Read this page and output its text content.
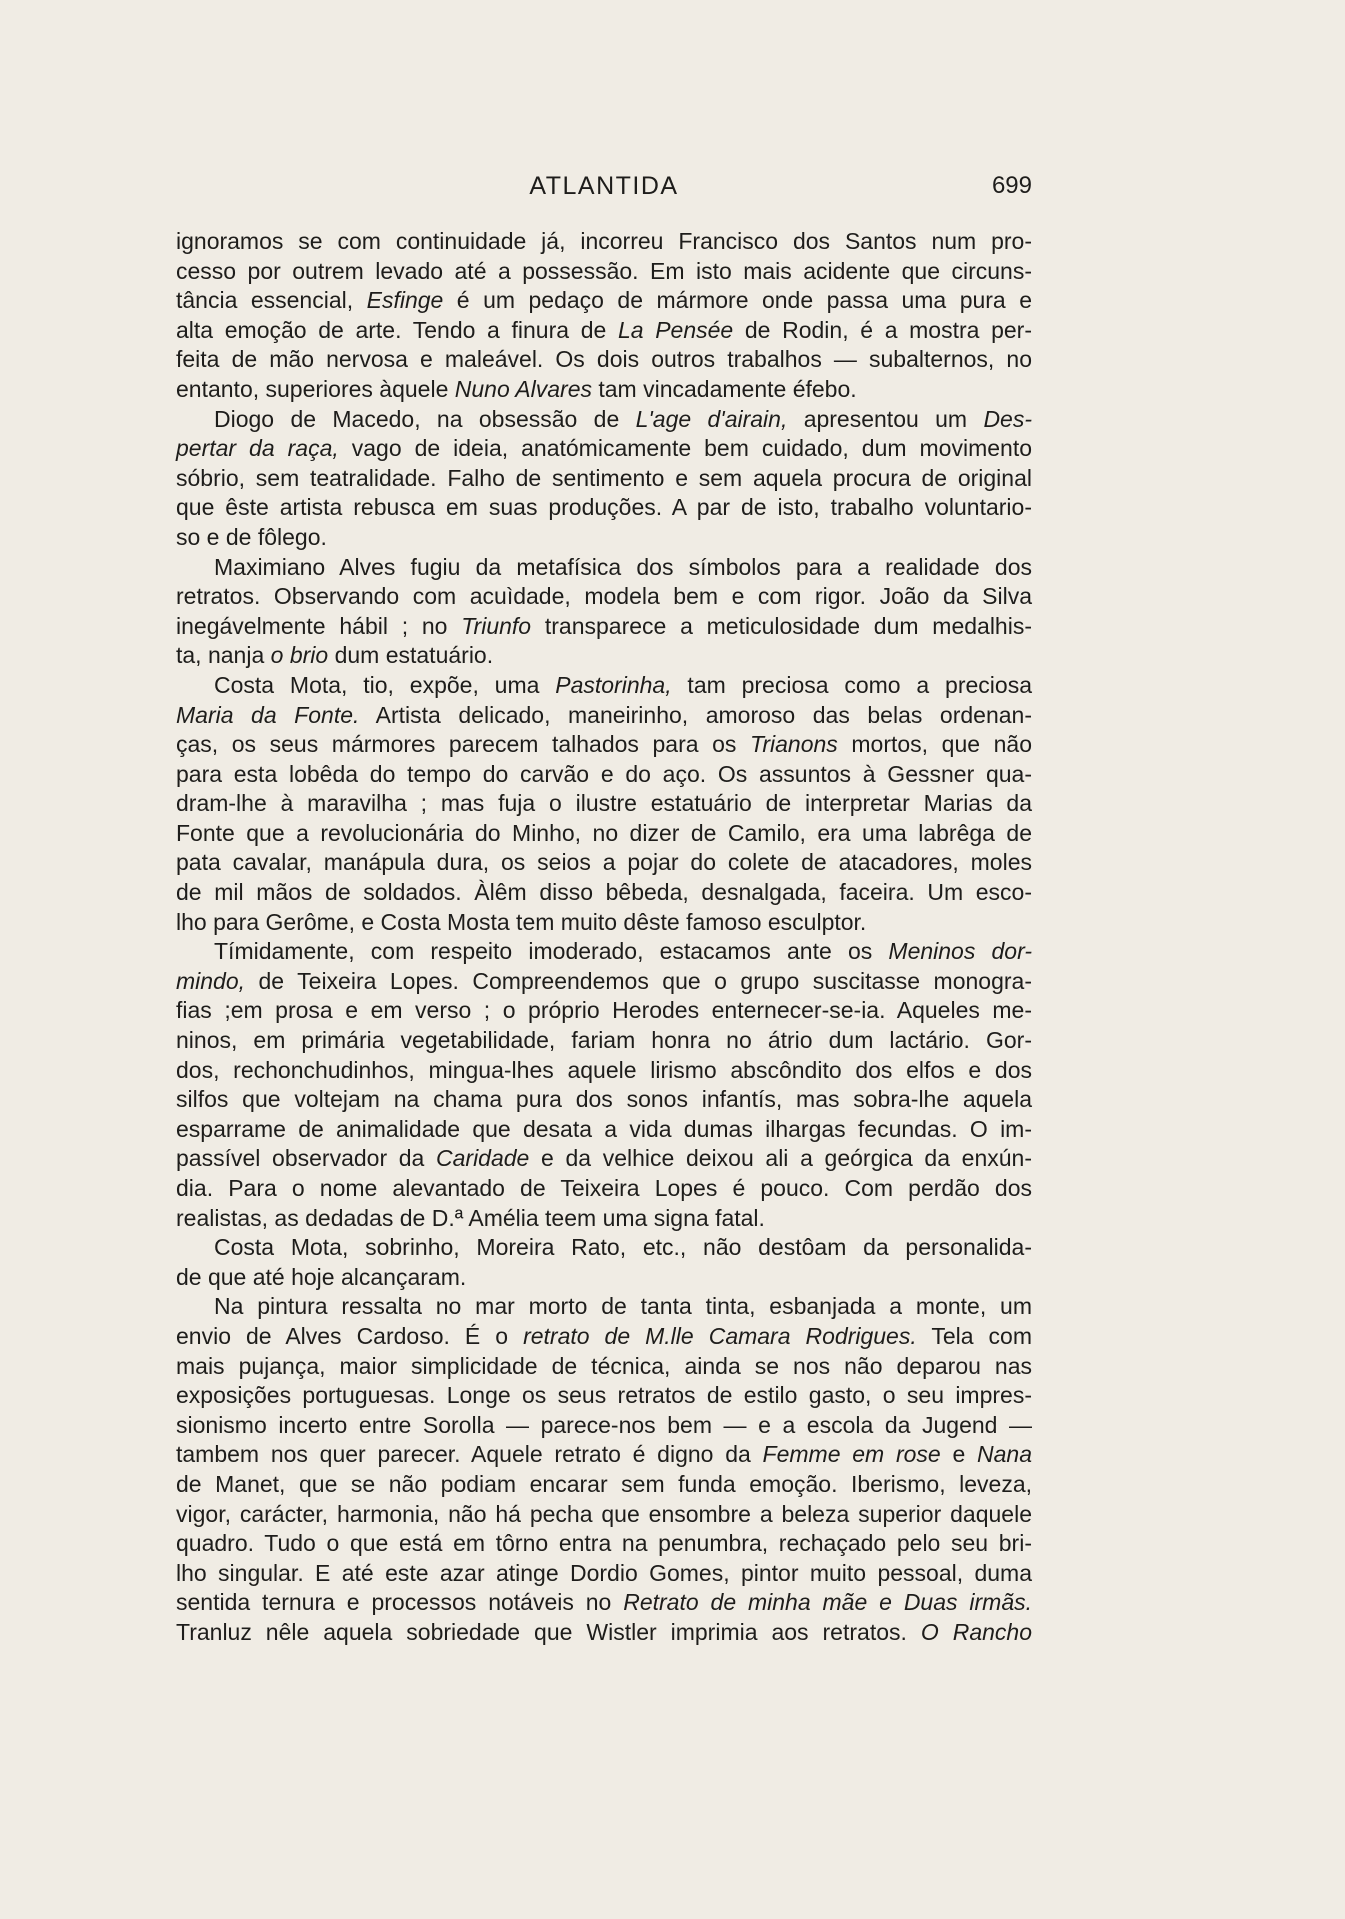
ATLANTIDA	699

ignoramos se com continuidade já, incorreu Francisco dos Santos num pro-
cesso por outrem levado até a possessão. Em isto mais acidente que circuns-
tância essencial, Esfinge é um pedaço de mármore onde passa uma pura e
alta emoção de arte. Tendo a finura de La Pensée de Rodin, é a mostra per-
feita de mão nervosa e maleável. Os dois outros trabalhos — subalternos, no
entanto, superiores àquele Nuno Alvares tam vincadamente éfebo.

Diogo de Macedo, na obsessão de L'age d'airain, apresentou um Des-
pertar da raça, vago de ideia, anatómicamente bem cuidado, dum movimento
sóbrio, sem teatralidade. Falho de sentimento e sem aquela procura de original
que êste artista rebusca em suas produções. A par de isto, trabalho voluntario-
so e de fôlego.

Maximiano Alves fugiu da metafísica dos símbolos para a realidade dos
retratos. Observando com acuìdade, modela bem e com rigor. João da Silva
inegávelmente hábil ; no Triunfo transparece a meticulosidade dum medalhis-
ta, nanja o brio dum estatuário.

Costa Mota, tio, expõe, uma Pastorinha, tam preciosa como a preciosa
Maria da Fonte. Artista delicado, maneirinho, amoroso das belas ordenan-
ças, os seus mármores parecem talhados para os Trianons mortos, que não
para esta lobêda do tempo do carvão e do aço. Os assuntos à Gessner qua-
dram-lhe à maravilha ; mas fuja o ilustre estatuário de interpretar Marias da
Fonte que a revolucionária do Minho, no dizer de Camilo, era uma labrêga de
pata cavalar, manápula dura, os seios a pojar do colete de atacadores, moles
de mil mãos de soldados. Àlêm disso bêbeda, desnalgada, faceira. Um esco-
lho para Gerôme, e Costa Mosta tem muito dêste famoso esculptor.

Tímidamente, com respeito imoderado, estacamos ante os Meninos dor-
mindo, de Teixeira Lopes. Compreendemos que o grupo suscitasse monogra-
fias ;em prosa e em verso ; o próprio Herodes enternecer-se-ia. Aqueles me-
ninos, em primária vegetabilidade, fariam honra no átrio dum lactário. Gor-
dos, rechonchudinhos, mingua-lhes aquele lirismo abscôndito dos elfos e dos
silfos que voltejam na chama pura dos sonos infantís, mas sobra-lhe aquela
esparrame de animalidade que desata a vida dumas ilhargas fecundas. O im-
passível observador da Caridade e da velhice deixou ali a geórgica da enxún-
dia. Para o nome alevantado de Teixeira Lopes é pouco. Com perdão dos
realistas, as dedadas de D.ª Amélia teem uma signa fatal.

Costa Mota, sobrinho, Moreira Rato, etc., não destôam da personalida-
de que até hoje alcançaram.

Na pintura ressalta no mar morto de tanta tinta, esbanjada a monte, um
envio de Alves Cardoso. É o retrato de M.lle Camara Rodrigues. Tela com
mais pujança, maior simplicidade de técnica, ainda se nos não deparou nas
exposições portuguesas. Longe os seus retratos de estilo gasto, o seu impres-
sionismo incerto entre Sorolla — parece-nos bem — e a escola da Jugend —
tambem nos quer parecer. Aquele retrato é digno da Femme em rose e Nana
de Manet, que se não podiam encarar sem funda emoção. Iberismo, leveza,
vigor, carácter, harmonia, não há pecha que ensombre a beleza superior daquele
quadro. Tudo o que está em tôrno entra na penumbra, rechaçado pelo seu bri-
lho singular. E até este azar atinge Dordio Gomes, pintor muito pessoal, duma
sentida ternura e processos notáveis no Retrato de minha mãe e Duas irmãs.
Tranluz nêle aquela sobriedade que Wistler imprimia aos retratos. O Rancho
